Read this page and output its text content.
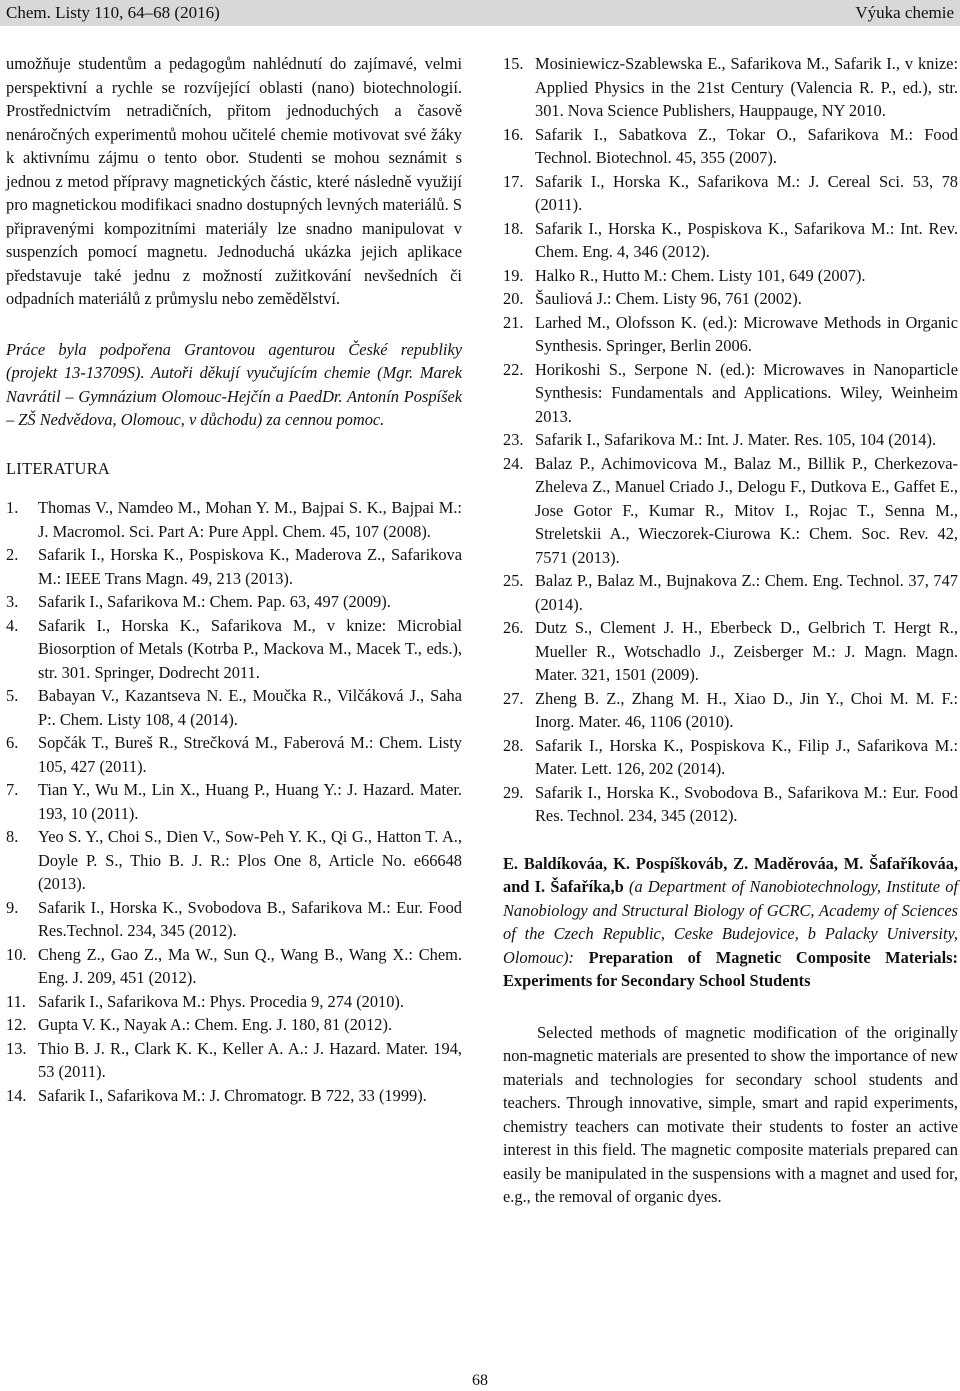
Chem. Listy 110, 64–68 (2016)	Výuka chemie

umožňuje studentům a pedagogům nahlédnutí do zajímavé, velmi perspektivní a rychle se rozvíjející oblasti (nano) biotechnologií. Prostřednictvím netradičních, přitom jednoduchých a časově nenáročných experimentů mohou učitelé chemie motivovat své žáky k aktivnímu zájmu o tento obor. Studenti se mohou seznámit s jednou z metod přípravy magnetických částic, které následně využijí pro magnetickou modifikaci snadno dostupných levných materiálů. S připravenými kompozitními materiály lze snadno manipulovat v suspenzích pomocí magnetu. Jednoduchá ukázka jejich aplikace představuje také jednu z možností zužitkování nevšedních či odpadních materiálů z průmyslu nebo zemědělství.

Práce byla podpořena Grantovou agenturou České republiky (projekt 13-13709S). Autoři děkují vyučujícím chemie (Mgr. Marek Navrátil – Gymnázium Olomouc-Hejčín a PaedDr. Antonín Pospíšek – ZŠ Nedvědova, Olomouc, v důchodu) za cennou pomoc.

LITERATURA

1. Thomas V., Namdeo M., Mohan Y. M., Bajpai S. K., Bajpai M.: J. Macromol. Sci. Part A: Pure Appl. Chem. 45, 107 (2008).
2. Safarik I., Horska K., Pospiskova K., Maderova Z., Safarikova M.: IEEE Trans Magn. 49, 213 (2013).
3. Safarik I., Safarikova M.: Chem. Pap. 63, 497 (2009).
4. Safarik I., Horska K., Safarikova M., v knize: Microbial Biosorption of Metals (Kotrba P., Mackova M., Macek T., eds.), str. 301. Springer, Dodrecht 2011.
5. Babayan V., Kazantseva N. E., Moučka R., Vilčáková J., Saha P:. Chem. Listy 108, 4 (2014).
6. Sopčák T., Bureš R., Strečková M., Faberová M.: Chem. Listy 105, 427 (2011).
7. Tian Y., Wu M., Lin X., Huang P., Huang Y.: J. Hazard. Mater. 193, 10 (2011).
8. Yeo S. Y., Choi S., Dien V., Sow-Peh Y. K., Qi G., Hatton T. A., Doyle P. S., Thio B. J. R.: Plos One 8, Article No. e66648 (2013).
9. Safarik I., Horska K., Svobodova B., Safarikova M.: Eur. Food Res.Technol. 234, 345 (2012).
10. Cheng Z., Gao Z., Ma W., Sun Q., Wang B., Wang X.: Chem. Eng. J. 209, 451 (2012).
11. Safarik I., Safarikova M.: Phys. Procedia 9, 274 (2010).
12. Gupta V. K., Nayak A.: Chem. Eng. J. 180, 81 (2012).
13. Thio B. J. R., Clark K. K., Keller A. A.: J. Hazard. Mater. 194, 53 (2011).
14. Safarik I., Safarikova M.: J. Chromatogr. B 722, 33 (1999).
15. Mosiniewicz-Szablewska E., Safarikova M., Safarik I., v knize: Applied Physics in the 21st Century (Valencia R. P., ed.), str. 301. Nova Science Publishers, Hauppauge, NY 2010.
16. Safarik I., Sabatkova Z., Tokar O., Safarikova M.: Food Technol. Biotechnol. 45, 355 (2007).
17. Safarik I., Horska K., Safarikova M.: J. Cereal Sci. 53, 78 (2011).
18. Safarik I., Horska K., Pospiskova K., Safarikova M.: Int. Rev. Chem. Eng. 4, 346 (2012).
19. Halko R., Hutto M.: Chem. Listy 101, 649 (2007).
20. Šauliová J.: Chem. Listy 96, 761 (2002).
21. Larhed M., Olofsson K. (ed.): Microwave Methods in Organic Synthesis. Springer, Berlin 2006.
22. Horikoshi S., Serpone N. (ed.): Microwaves in Nanoparticle Synthesis: Fundamentals and Applications. Wiley, Weinheim 2013.
23. Safarik I., Safarikova M.: Int. J. Mater. Res. 105, 104 (2014).
24. Balaz P., Achimovicova M., Balaz M., Billik P., Cherkezova-Zheleva Z., Manuel Criado J., Delogu F., Dutkova E., Gaffet E., Jose Gotor F., Kumar R., Mitov I., Rojac T., Senna M., Streletskii A., Wieczorek-Ciurowa K.: Chem. Soc. Rev. 42, 7571 (2013).
25. Balaz P., Balaz M., Bujnakova Z.: Chem. Eng. Technol. 37, 747 (2014).
26. Dutz S., Clement J. H., Eberbeck D., Gelbrich T. Hergt R., Mueller R., Wotschadlo J., Zeisberger M.: J. Magn. Magn. Mater. 321, 1501 (2009).
27. Zheng B. Z., Zhang M. H., Xiao D., Jin Y., Choi M. M. F.: Inorg. Mater. 46, 1106 (2010).
28. Safarik I., Horska K., Pospiskova K., Filip J., Safarikova M.: Mater. Lett. 126, 202 (2014).
29. Safarik I., Horska K., Svobodova B., Safarikova M.: Eur. Food Res. Technol. 234, 345 (2012).

E. Baldíkováa, K. Pospíškováb, Z. Maděrováa, M. Šafaříkováa, and I. Šafaříka,b (a Department of Nanobiotechnology, Institute of Nanobiology and Structural Biology of GCRC, Academy of Sciences of the Czech Republic, Ceske Budejovice, b Palacky University, Olomouc): Preparation of Magnetic Composite Materials: Experiments for Secondary School Students

Selected methods of magnetic modification of the originally non-magnetic materials are presented to show the importance of new materials and technologies for secondary school students and teachers. Through innovative, simple, smart and rapid experiments, chemistry teachers can motivate their students to foster an active interest in this field. The magnetic composite materials prepared can easily be manipulated in the suspensions with a magnet and used for, e.g., the removal of organic dyes.

68
